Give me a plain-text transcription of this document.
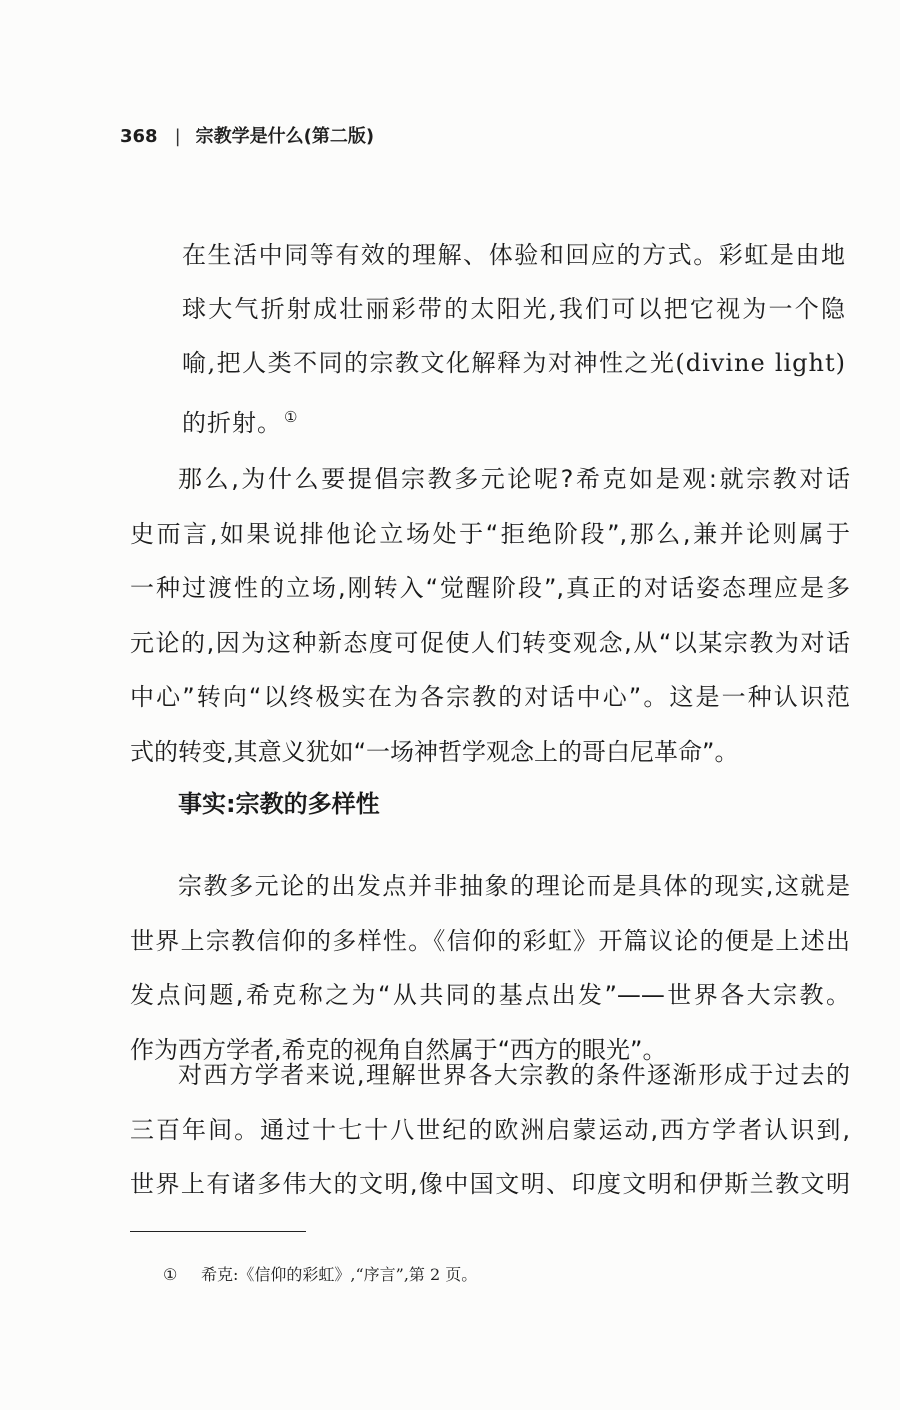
368 | 宗教学是什么(第二版)
在生活中同等有效的理解、体验和回应的方式。彩虹是由地
球大气折射成壮丽彩带的太阳光,我们可以把它视为一个隐
喻,把人类不同的宗教文化解释为对神性之光(divine light)
的折射。 ①
那么,为什么要提倡宗教多元论呢?希克如是观:就宗教对话
史而言,如果说排他论立场处于“拒绝阶段”,那么,兼并论则属于
一种过渡性的立场,刚转入“觉醒阶段”,真正的对话姿态理应是多
元论的,因为这种新态度可促使人们转变观念,从“以某宗教为对话
中心”转向“以终极实在为各宗教的对话中心”。这是一种认识范
式的转变,其意义犹如“一场神哲学观念上的哥白尼革命”。
事实:宗教的多样性
宗教多元论的出发点并非抽象的理论而是具体的现实,这就是
世界上宗教信仰的多样性。《信仰的彩虹》开篇议论的便是上述出
发点问题,希克称之为“从共同的基点出发”——世界各大宗教。
作为西方学者,希克的视角自然属于“西方的眼光”。
对西方学者来说,理解世界各大宗教的条件逐渐形成于过去的
三百年间。通过十七十八世纪的欧洲启蒙运动,西方学者认识到,
世界上有诸多伟大的文明,像中国文明、印度文明和伊斯兰教文明
① 希克:《信仰的彩虹》,“序言”,第 2 页。
